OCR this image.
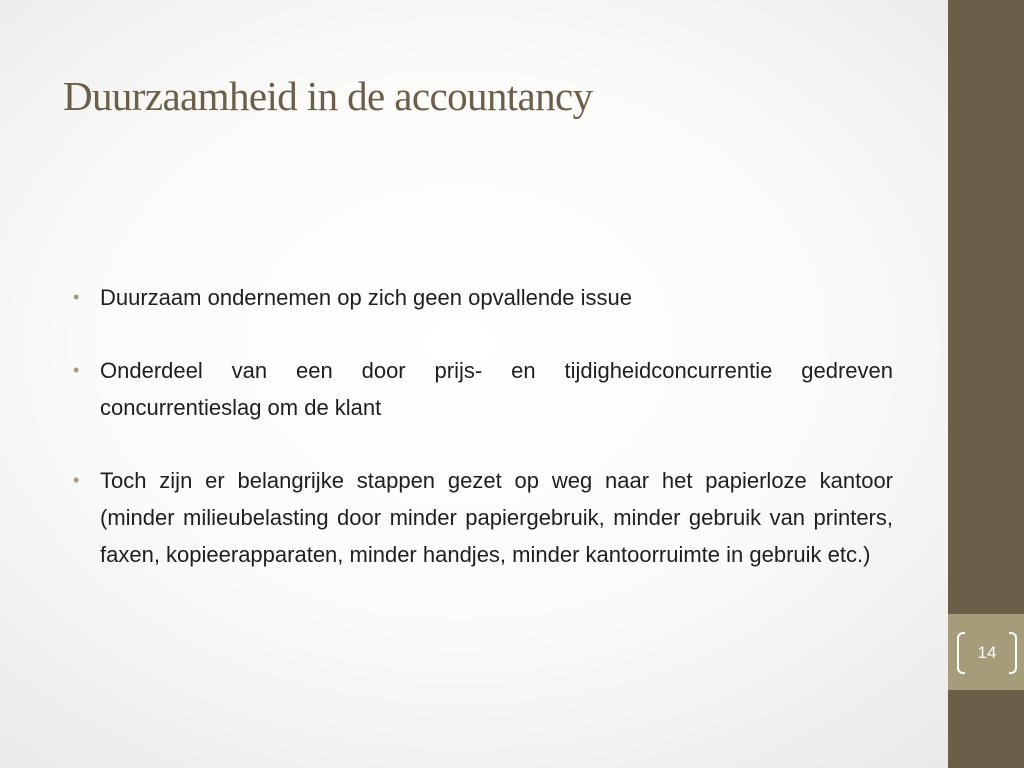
Duurzaamheid in de accountancy
• Duurzaam ondernemen op zich geen opvallende issue
• Onderdeel van een door prijs- en tijdigheidconcurrentie gedreven concurrentieslag om de klant
• Toch zijn er belangrijke stappen gezet op weg naar het papierloze kantoor (minder milieubelasting door minder papiergebruik, minder gebruik van printers, faxen, kopieerapparaten, minder handjes, minder kantoorruimte in gebruik etc.)
14
